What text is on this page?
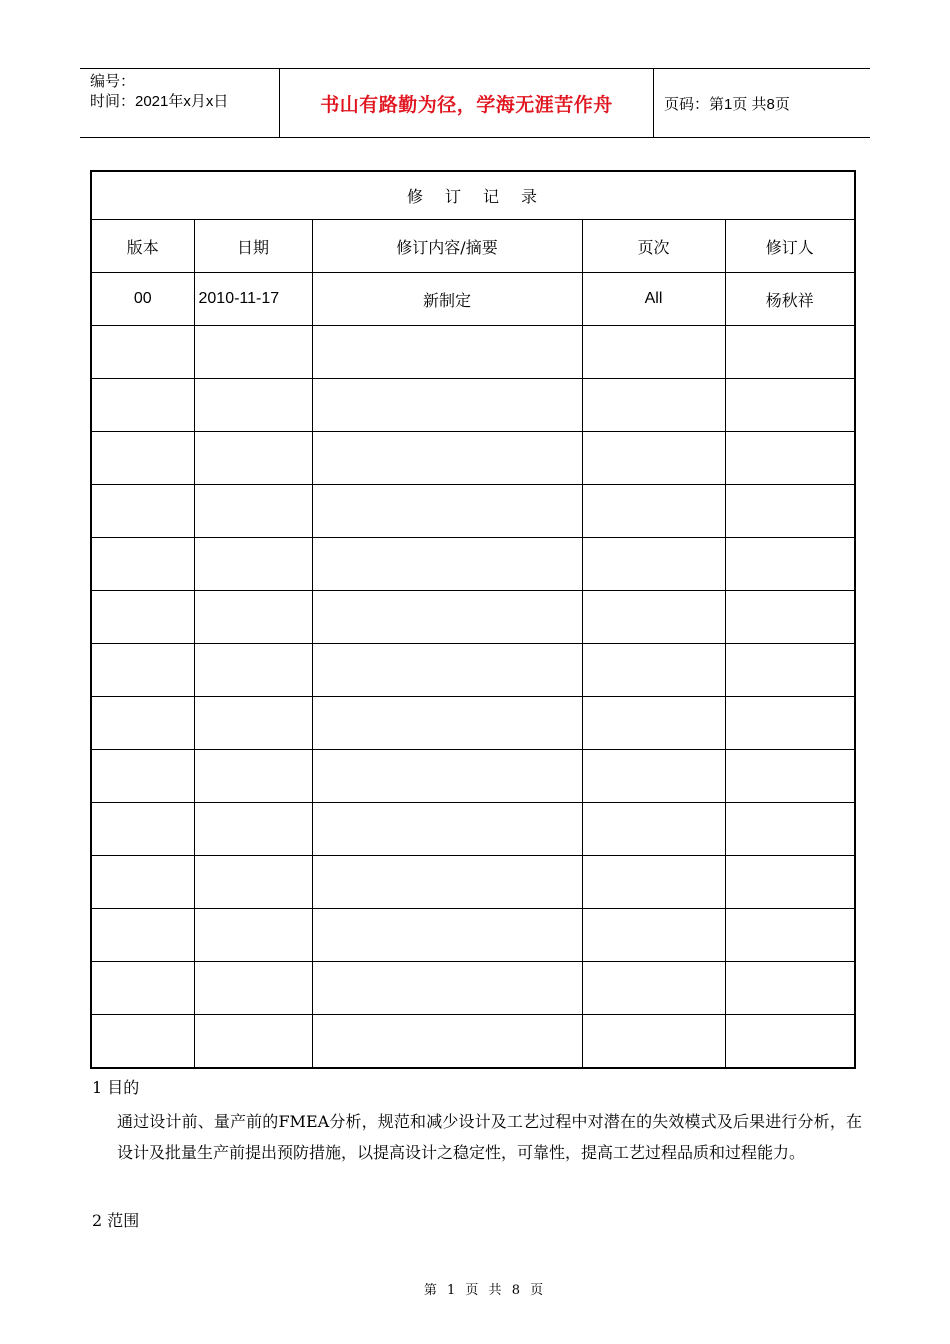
编号：
时间：2021年x月x日	书山有路勤为径，学海无涯苦作舟	页码：第1页 共8页
修订记录				
版本	日期	修订内容/摘要	页次	修订人
00	2010-11-17	新制定	All	杨秋祥

1 目的
通过设计前、量产前的FMEA分析，规范和减少设计及工艺过程中对潜在的失效模式及后果进行分析，在设计及批量生产前提出预防措施，以提高设计之稳定性，可靠性，提高工艺过程品质和过程能力。
2 范围
第 1 页 共 8 页
